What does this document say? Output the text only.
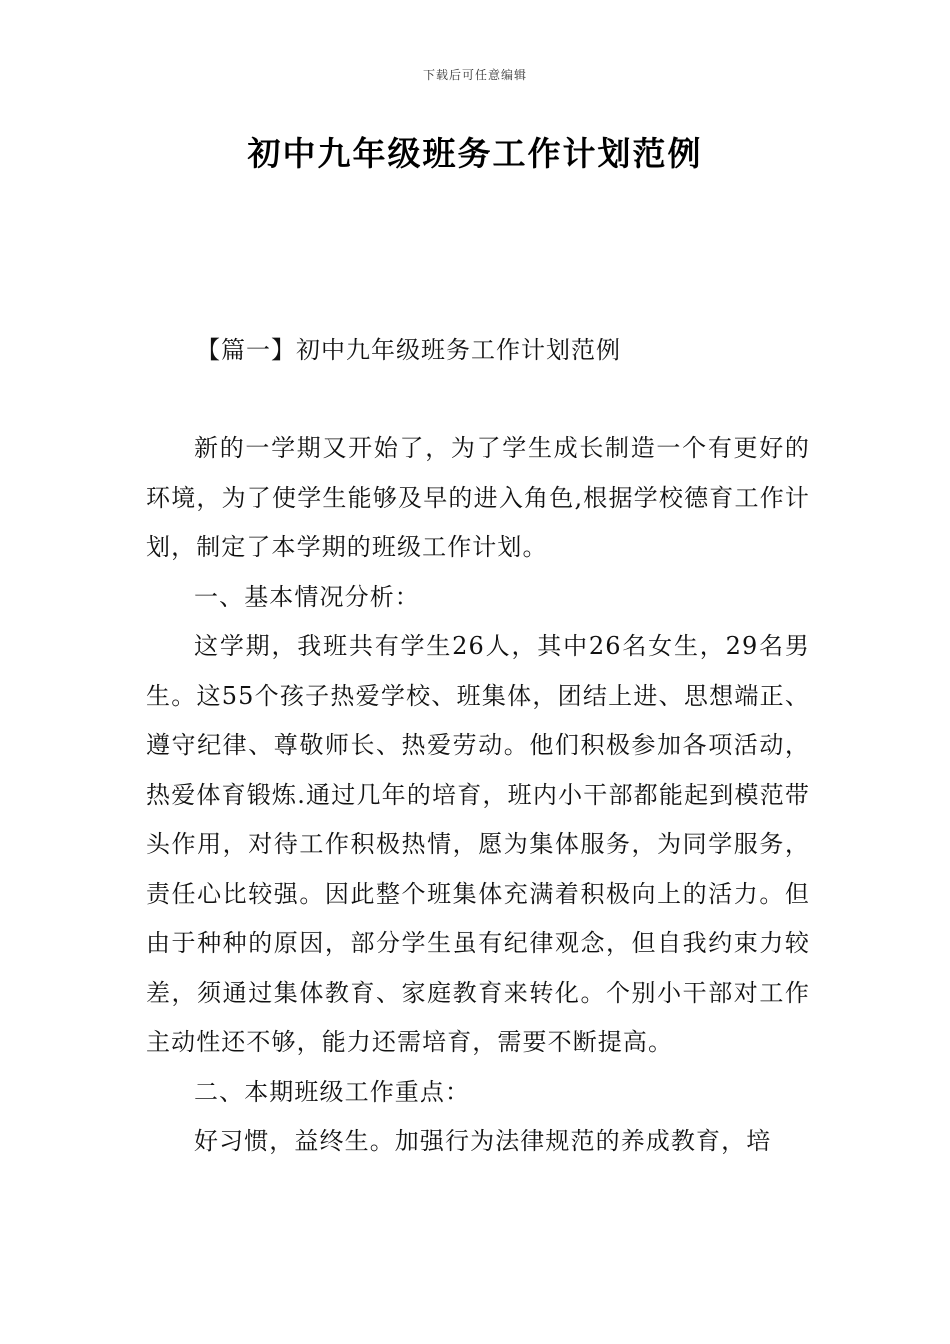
下载后可任意编辑
初中九年级班务工作计划范例
【篇一】初中九年级班务工作计划范例

新的一学期又开始了，为了学生成长制造一个有更好的环境，为了使学生能够及早的进入角色,根据学校德育工作计划，制定了本学期的班级工作计划。

一、基本情况分析：

这学期，我班共有学生26人，其中26名女生，29名男生。这55个孩子热爱学校、班集体，团结上进、思想端正、遵守纪律、尊敬师长、热爱劳动。他们积极参加各项活动，热爱体育锻炼.通过几年的培育，班内小干部都能起到模范带头作用，对待工作积极热情，愿为集体服务，为同学服务，责任心比较强。因此整个班集体充满着积极向上的活力。但由于种种的原因，部分学生虽有纪律观念，但自我约束力较差，须通过集体教育、家庭教育来转化。个别小干部对工作主动性还不够，能力还需培育，需要不断提高。

二、本期班级工作重点：

好习惯，益终生。加强行为法律规范的养成教育，培
